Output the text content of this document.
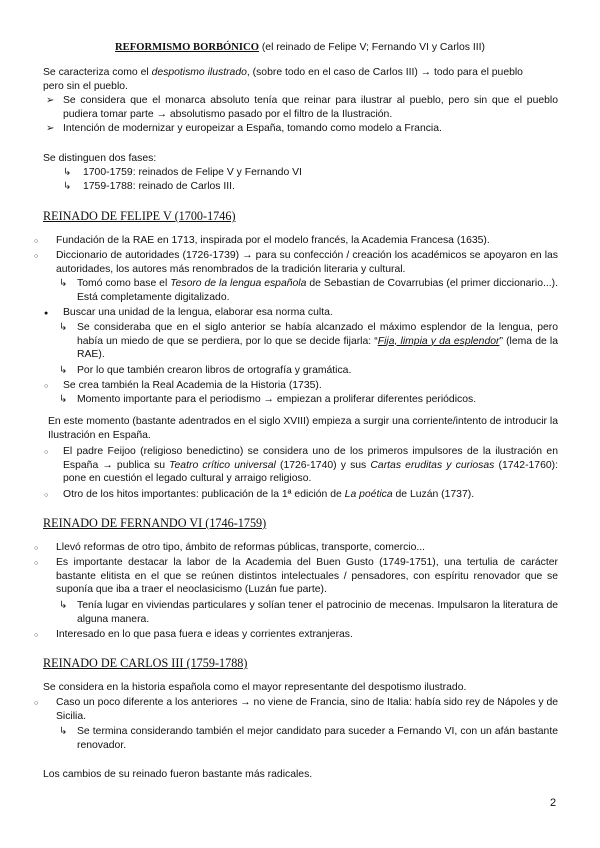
REFORMISMO BORBÓNICO (el reinado de Felipe V; Fernando VI y Carlos III)
Se caracteriza como el despotismo ilustrado, (sobre todo en el caso de Carlos III) → todo para el pueblo
pero sin el pueblo.
➢ Se considera que el monarca absoluto tenía que reinar para ilustrar al pueblo, pero sin que el pueblo pudiera tomar parte → absolutismo pasado por el filtro de la Ilustración.
➢ Intención de modernizar y europeizar a España, tomando como modelo a Francia.
Se distinguen dos fases:
↳ 1700-1759: reinados de Felipe V y Fernando VI
↳ 1759-1788: reinado de Carlos III.
REINADO DE FELIPE V (1700-1746)
○ Fundación de la RAE en 1713, inspirada por el modelo francés, la Academia Francesa (1635).
○ Diccionario de autoridades (1726-1739) → para su confección / creación los académicos se apoyaron en las autoridades, los autores más renombrados de la tradición literaria y cultural.
↳ Tomó como base el Tesoro de la lengua española de Sebastian de Covarrubias (el primer diccionario...). Está completamente digitalizado.
● Buscar una unidad de la lengua, elaborar esa norma culta.
↳ Se consideraba que en el siglo anterior se había alcanzado el máximo esplendor de la lengua, pero había un miedo de que se perdiera, por lo que se decide fijarla: “Fija, limpia y da esplendor” (lema de la RAE).
↳ Por lo que también crearon libros de ortografía y gramática.
○ Se crea también la Real Academia de la Historia (1735).
↳ Momento importante para el periodismo → empiezan a proliferar diferentes periódicos.
En este momento (bastante adentrados en el siglo XVIII) empieza a surgir una corriente/intento de introducir la Ilustración en España.
○ El padre Feijoo (religioso benedictino) se considera uno de los primeros impulsores de la ilustración en España → publica su Teatro crítico universal (1726-1740) y sus Cartas eruditas y curiosas (1742-1760): pone en cuestión el legado cultural y arraigo religioso.
○ Otro de los hitos importantes: publicación de la 1ª edición de La poética de Luzán (1737).
REINADO DE FERNANDO VI (1746-1759)
○ Llevó reformas de otro tipo, ámbito de reformas públicas, transporte, comercio...
○ Es importante destacar la labor de la Academia del Buen Gusto (1749-1751), una tertulia de carácter bastante elitista en el que se reúnen distintos intelectuales / pensadores, con espíritu renovador que se suponía que iba a traer el neoclasicismo (Luzán fue parte).
↳ Tenía lugar en viviendas particulares y solían tener el patrocinio de mecenas. Impulsaron la literatura de alguna manera.
○ Interesado en lo que pasa fuera e ideas y corrientes extranjeras.
REINADO DE CARLOS III (1759-1788)
Se considera en la historia española como el mayor representante del despotismo ilustrado.
○ Caso un poco diferente a los anteriores → no viene de Francia, sino de Italia: había sido rey de Nápoles y de Sicilia.
↳ Se termina considerando también el mejor candidato para suceder a Fernando VI, con un afán bastante renovador.
Los cambios de su reinado fueron bastante más radicales.
2
